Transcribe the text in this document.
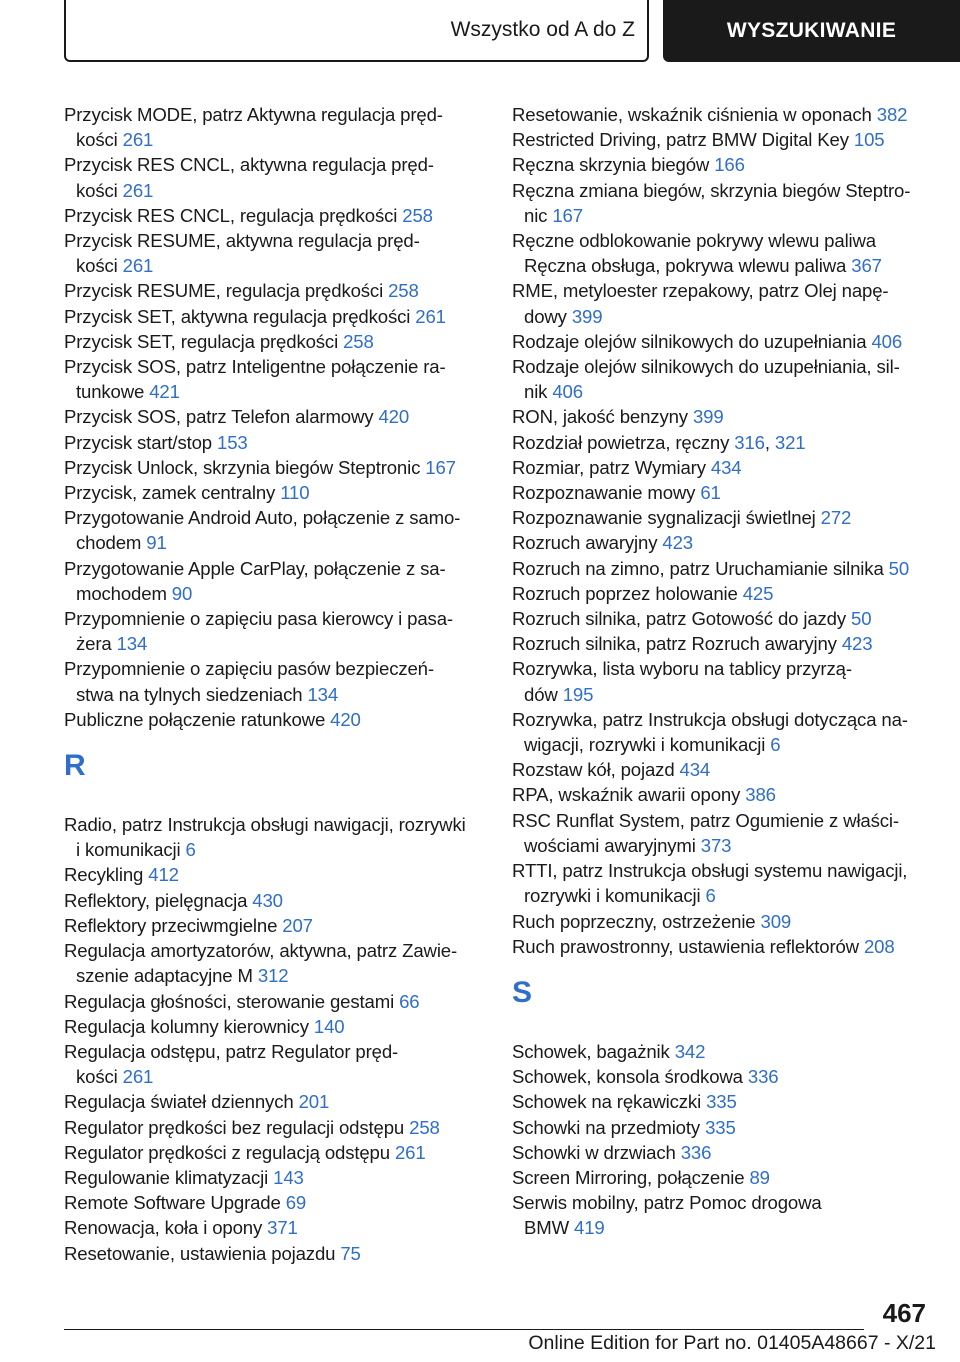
Wszystko od A do Z	WYSZUKIWANIE
Przycisk MODE, patrz Aktywna regulacja pręd-
kości 261
Przycisk RES CNCL, aktywna regulacja pręd-
kości 261
Przycisk RES CNCL, regulacja prędkości 258
Przycisk RESUME, aktywna regulacja pręd-
kości 261
Przycisk RESUME, regulacja prędkości 258
Przycisk SET, aktywna regulacja prędkości 261
Przycisk SET, regulacja prędkości 258
Przycisk SOS, patrz Inteligentne połączenie ra-
tunkowe 421
Przycisk SOS, patrz Telefon alarmowy 420
Przycisk start/stop 153
Przycisk Unlock, skrzynia biegów Steptronic 167
Przycisk, zamek centralny 110
Przygotowanie Android Auto, połączenie z samo-
chodem 91
Przygotowanie Apple CarPlay, połączenie z sa-
mochodem 90
Przypomnienie o zapięciu pasa kierowcy i pasa-
żera 134
Przypomnienie o zapięciu pasów bezpieczeń-
stwa na tylnych siedzeniach 134
Publiczne połączenie ratunkowe 420
R
Radio, patrz Instrukcja obsługi nawigacji, rozrywki
i komunikacji 6
Recykling 412
Reflektory, pielęgnacja 430
Reflektory przeciwmgielne 207
Regulacja amortyzatorów, aktywna, patrz Zawie-
szenie adaptacyjne M 312
Regulacja głośności, sterowanie gestami 66
Regulacja kolumny kierownicy 140
Regulacja odstępu, patrz Regulator pręd-
kości 261
Regulacja świateł dziennych 201
Regulator prędkości bez regulacji odstępu 258
Regulator prędkości z regulacją odstępu 261
Regulowanie klimatyzacji 143
Remote Software Upgrade 69
Renowacja, koła i opony 371
Resetowanie, ustawienia pojazdu 75
Resetowanie, wskaźnik ciśnienia w oponach 382
Restricted Driving, patrz BMW Digital Key 105
Ręczna skrzynia biegów 166
Ręczna zmiana biegów, skrzynia biegów Steptro-
nic 167
Ręczne odblokowanie pokrywy wlewu paliwa
Ręczna obsługa, pokrywa wlewu paliwa 367
RME, metyloester rzepakowy, patrz Olej napę-
dowy 399
Rodzaje olejów silnikowych do uzupełniania 406
Rodzaje olejów silnikowych do uzupełniania, sil-
nik 406
RON, jakość benzyny 399
Rozdział powietrza, ręczny 316, 321
Rozmiar, patrz Wymiary 434
Rozpoznawanie mowy 61
Rozpoznawanie sygnalizacji świetlnej 272
Rozruch awaryjny 423
Rozruch na zimno, patrz Uruchamianie silnika 50
Rozruch poprzez holowanie 425
Rozruch silnika, patrz Gotowość do jazdy 50
Rozruch silnika, patrz Rozruch awaryjny 423
Rozrywka, lista wyboru na tablicy przyrzą-
dów 195
Rozrywka, patrz Instrukcja obsługi dotycząca na-
wigacji, rozrywki i komunikacji 6
Rozstaw kół, pojazd 434
RPA, wskaźnik awarii opony 386
RSC Runflat System, patrz Ogumienie z właści-
wościami awaryjnymi 373
RTTI, patrz Instrukcja obsługi systemu nawigacji,
rozrywki i komunikacji 6
Ruch poprzeczny, ostrzeżenie 309
Ruch prawostronny, ustawienia reflektorów 208
S
Schowek, bagażnik 342
Schowek, konsola środkowa 336
Schowek na rękawiczki 335
Schowki na przedmioty 335
Schowki w drzwiach 336
Screen Mirroring, połączenie 89
Serwis mobilny, patrz Pomoc drogowa
BMW 419
467
Online Edition for Part no. 01405A48667 - X/21
